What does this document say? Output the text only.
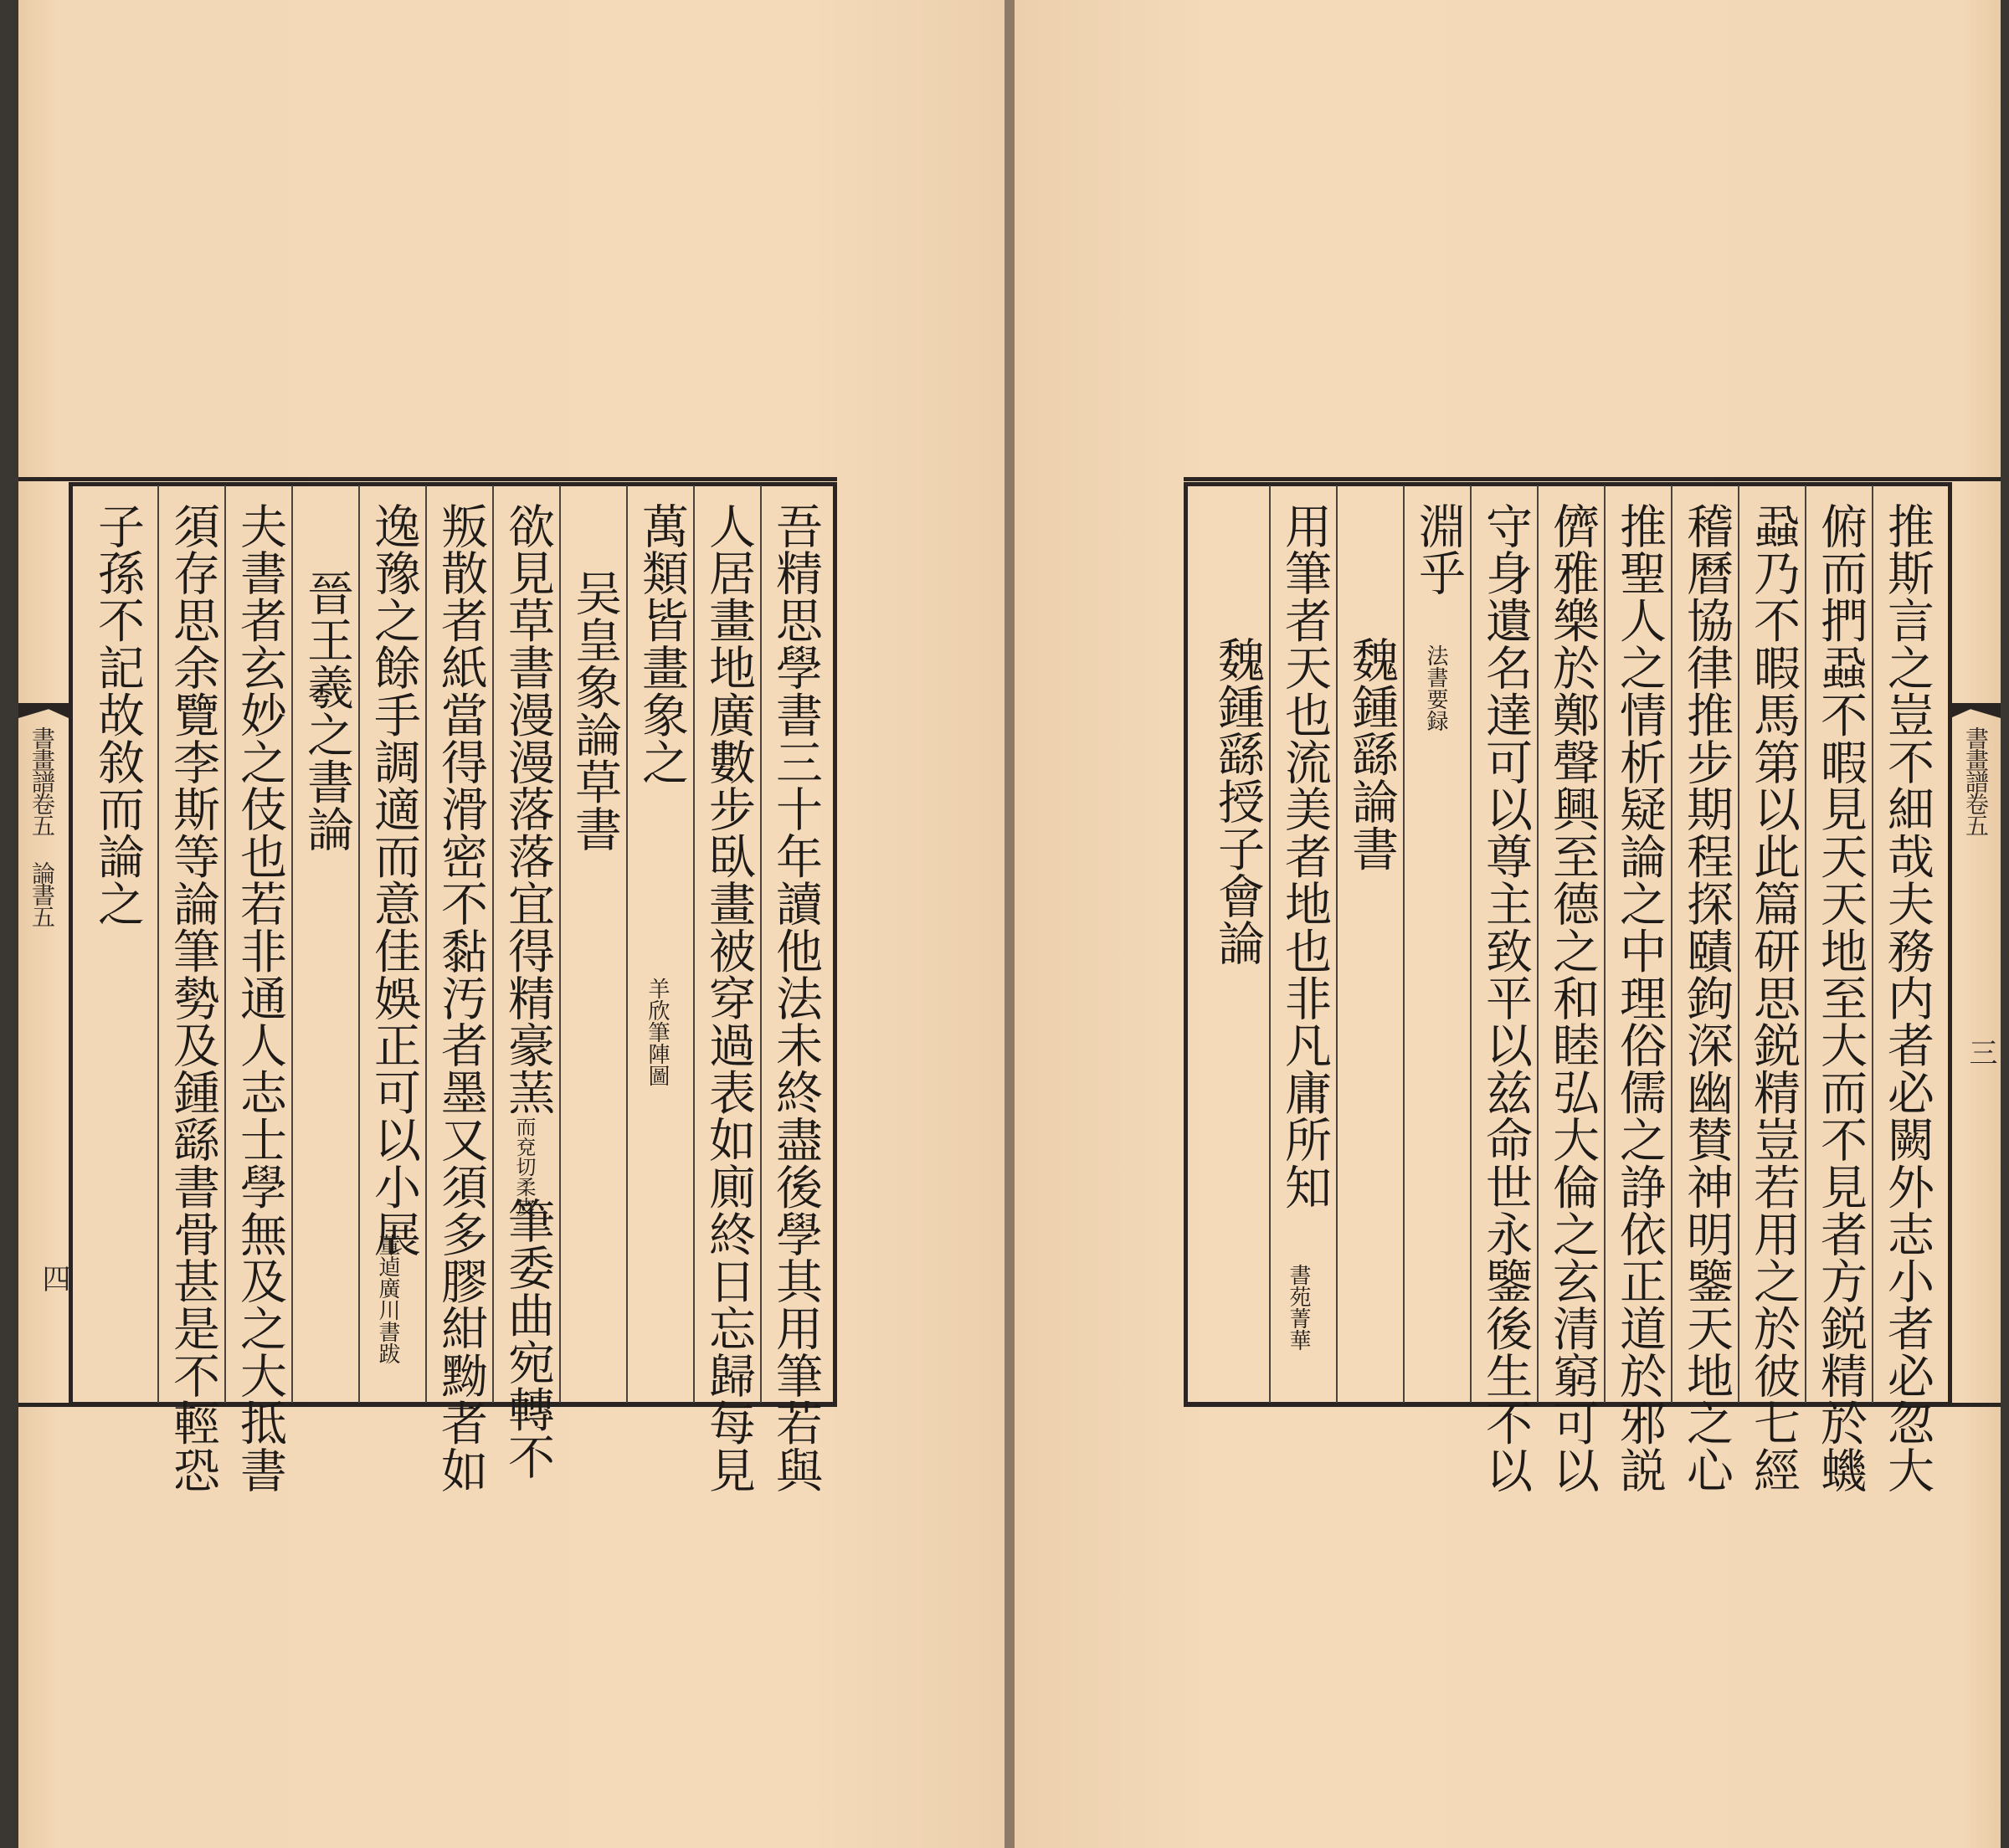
書畫譜卷五 論書五
四
書畫譜卷五
三
吾精思學書三十年讀他法未終盡後學其用筆若與
人居畫地廣數步臥畫被穿過表如廁終日忘歸每見
萬類皆畫象之
羊欣筆陣圖
吴皇象論草書
欲見草書漫漫落落宜得精豪蓔
而兗切柔皮
筆委曲宛轉不
叛散者紙當得滑密不黏汚者墨又須多膠紺黝者如
逸豫之餘手調適而意佳娛正可以小展
董逌廣川書跋
晉王羲之書論
夫書者玄妙之伎也若非通人志士學無及之大抵書
須存思余覽李斯等論筆勢及鍾繇書骨甚是不輕恐
子孫不記故敘而論之	推斯言之豈不細哉夫務内者必闕外志小者必忽大
俯而捫蝨不暇見天天地至大而不見者方鋭精於蟣
蝨乃不暇馬第以此篇研思鋭精豈若用之於彼七經
稽曆協律推步期程探賾鉤深幽賛神明鑒天地之心
推聖人之情析疑論之中理俗儒之諍依正道於邪説
儕雅樂於鄭聲興至德之和睦弘大倫之玄清窮可以
守身遺名達可以尊主致平以兹命世永鑒後生不以
淵乎
法書要録
魏鍾繇論書
用筆者天也流美者地也非凡庸所知
書苑菁華
魏鍾繇授子會論
